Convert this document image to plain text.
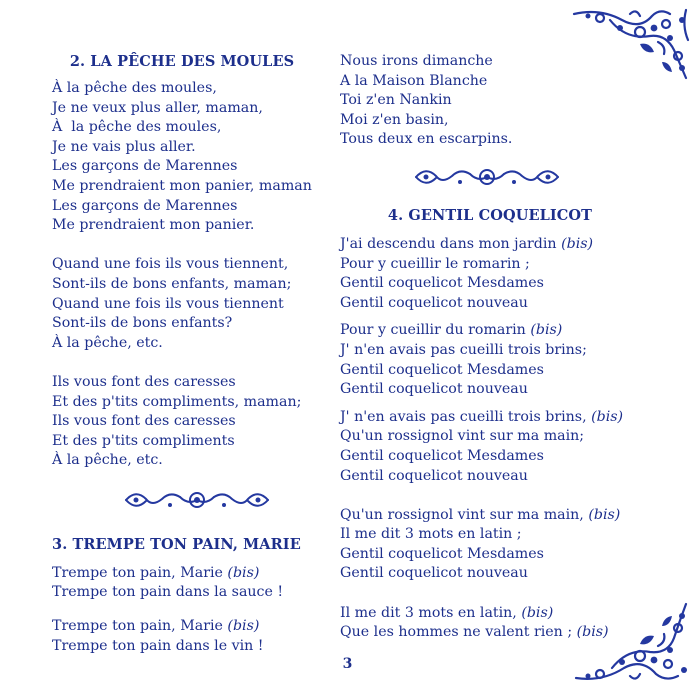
2. LA PÊCHE DES MOULES
À la pêche des moules,
Je ne veux plus aller, maman,
À  la pêche des moules,
Je ne vais plus aller.
Les garçons de Marennes
Me prendraient mon panier, maman
Les garçons de Marennes
Me prendraient mon panier.
Quand une fois ils vous tiennent,
Sont-ils de bons enfants, maman;
Quand une fois ils vous tiennent
Sont-ils de bons enfants?
À la pêche, etc.
Ils vous font des caresses
Et des p'tits compliments, maman;
Ils vous font des caresses
Et des p'tits compliments
À la pêche, etc.
3. TREMPE TON PAIN, MARIE
Trempe ton pain, Marie (bis)
Trempe ton pain dans la sauce !
Trempe ton pain, Marie (bis)
Trempe ton pain dans le vin !
Nous irons dimanche
A la Maison Blanche
Toi z'en Nankin
Moi z'en basin,
Tous deux en escarpins.
4. GENTIL COQUELICOT
J'ai descendu dans mon jardin (bis)
Pour y cueillir le romarin ;
Gentil coquelicot Mesdames
Gentil coquelicot nouveau
Pour y cueillir du romarin (bis)
J' n'en avais pas cueilli trois brins;
Gentil coquelicot Mesdames
Gentil coquelicot nouveau
J' n'en avais pas cueilli trois brins, (bis)
Qu'un rossignol vint sur ma main;
Gentil coquelicot Mesdames
Gentil coquelicot nouveau
Qu'un rossignol vint sur ma main, (bis)
Il me dit 3 mots en latin ;
Gentil coquelicot Mesdames
Gentil coquelicot nouveau
Il me dit 3 mots en latin, (bis)
Que les hommes ne valent rien ; (bis)
3
